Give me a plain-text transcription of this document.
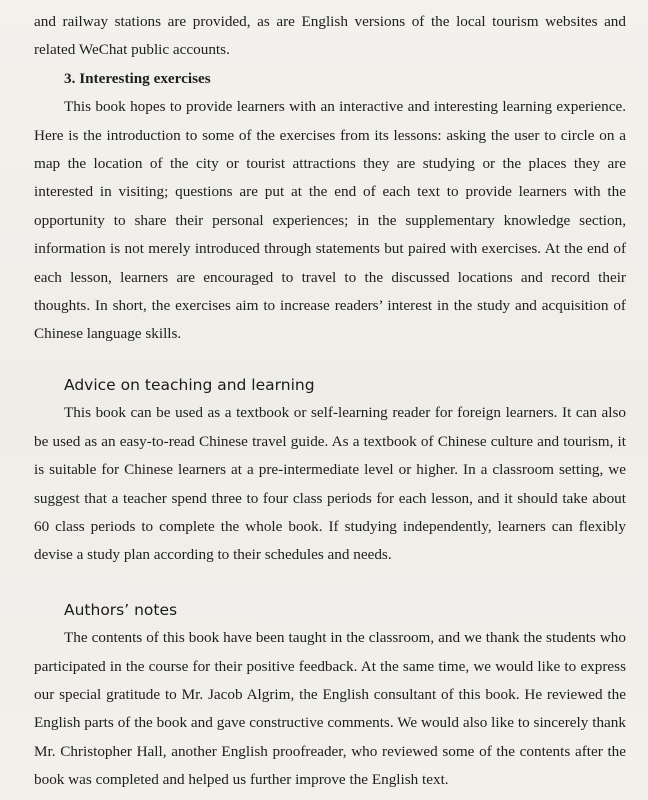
and railway stations are provided, as are English versions of the local tourism websites and related WeChat public accounts.

3. Interesting exercises

This book hopes to provide learners with an interactive and interesting learning experience. Here is the introduction to some of the exercises from its lessons: asking the user to circle on a map the location of the city or tourist attractions they are studying or the places they are interested in visiting; questions are put at the end of each text to provide learners with the opportunity to share their personal experiences; in the supplementary knowledge section, information is not merely introduced through statements but paired with exercises. At the end of each lesson, learners are encouraged to travel to the discussed locations and record their thoughts. In short, the exercises aim to increase readers’ interest in the study and acquisition of Chinese language skills.

Advice on teaching and learning

This book can be used as a textbook or self-learning reader for foreign learners. It can also be used as an easy-to-read Chinese travel guide. As a textbook of Chinese culture and tourism, it is suitable for Chinese learners at a pre-intermediate level or higher. In a classroom setting, we suggest that a teacher spend three to four class periods for each lesson, and it should take about 60 class periods to complete the whole book. If studying independently, learners can flexibly devise a study plan according to their schedules and needs.

Authors’ notes

The contents of this book have been taught in the classroom, and we thank the students who participated in the course for their positive feedback. At the same time, we would like to express our special gratitude to Mr. Jacob Algrim, the English consultant of this book. He reviewed the English parts of the book and gave constructive comments. We would also like to sincerely thank Mr. Christopher Hall, another English proofreader, who reviewed some of the contents after the book was completed and helped us further improve the English text.
